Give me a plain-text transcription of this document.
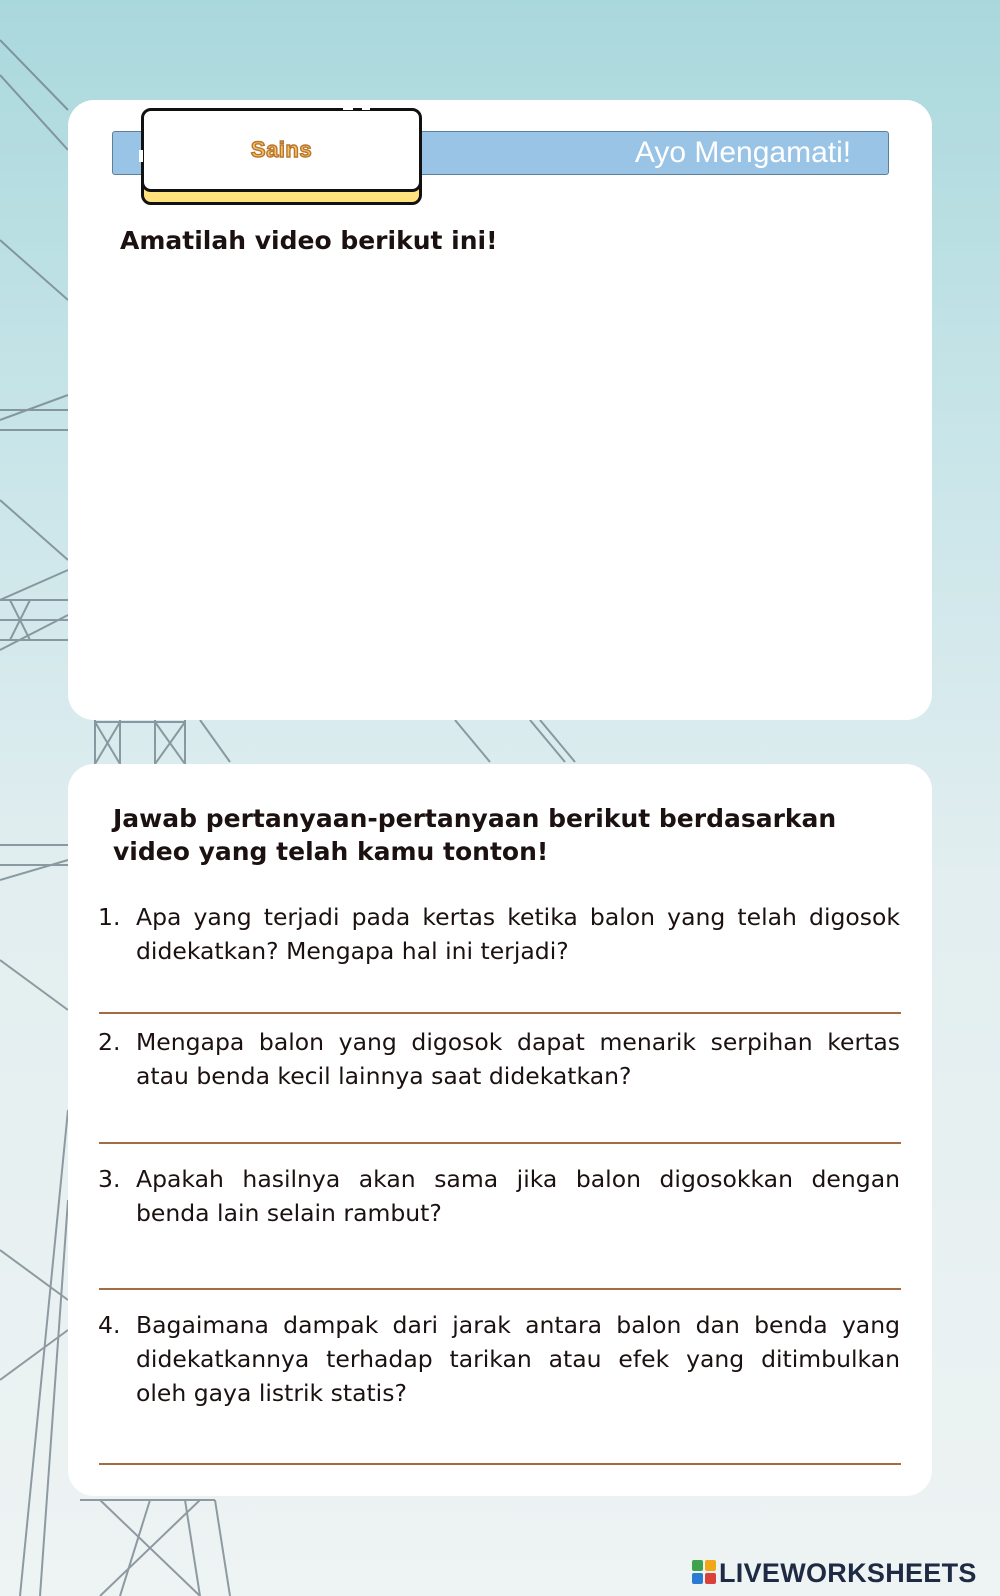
Ayo Mengamati!
Sains
Amatilah video berikut ini!
Jawab pertanyaan-pertanyaan berikut berdasarkan video yang telah kamu tonton!
1. Apa yang terjadi pada kertas ketika balon yang telah digosok didekatkan? Mengapa hal ini terjadi?
2. Mengapa balon yang digosok dapat menarik serpihan kertas atau benda kecil lainnya saat didekatkan?
3. Apakah hasilnya akan sama jika balon digosokkan dengan benda lain selain rambut?
4. Bagaimana dampak dari jarak antara balon dan benda yang didekatkannya terhadap tarikan atau efek yang ditimbulkan oleh gaya listrik statis?
LIVEWORKSHEETS
